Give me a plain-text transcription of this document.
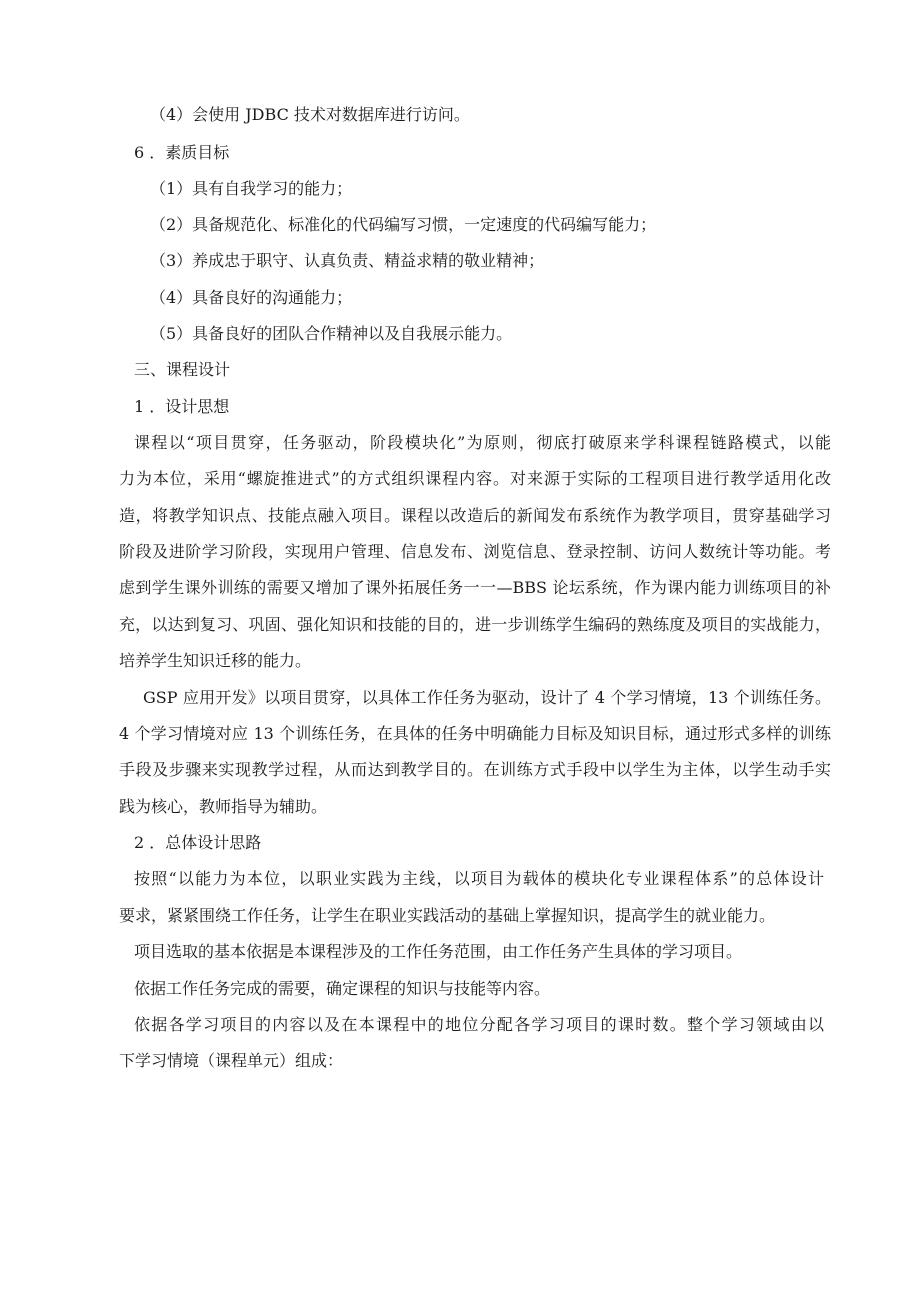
（4）会使用 JDBC 技术对数据库进行访问。
6 ．素质目标
（1）具有自我学习的能力；
（2）具备规范化、标准化的代码编写习惯，一定速度的代码编写能力；
（3）养成忠于职守、认真负责、精益求精的敬业精神；
（4）具备良好的沟通能力；
（5）具备良好的团队合作精神以及自我展示能力。
三、课程设计
1 ．设计思想
课程以“项目贯穿，任务驱动，阶段模块化”为原则，彻底打破原来学科课程链路模式，以能
力为本位，采用“螺旋推进式”的方式组织课程内容。对来源于实际的工程项目进行教学适用化改
造，将教学知识点、技能点融入项目。课程以改造后的新闻发布系统作为教学项目，贯穿基础学习
阶段及进阶学习阶段，实现用户管理、信息发布、浏览信息、登录控制、访问人数统计等功能。考
虑到学生课外训练的需要又增加了课外拓展任务一一—BBS 论坛系统，作为课内能力训练项目的补
充，以达到复习、巩固、强化知识和技能的目的，进一步训练学生编码的熟练度及项目的实战能力，
培养学生知识迁移的能力。
GSP 应用开发》以项目贯穿，以具体工作任务为驱动，设计了 4 个学习情境，13 个训练任务。
4 个学习情境对应 13 个训练任务，在具体的任务中明确能力目标及知识目标，通过形式多样的训练
手段及步骤来实现教学过程，从而达到教学目的。在训练方式手段中以学生为主体，以学生动手实
践为核心，教师指导为辅助。
2 ．总体设计思路
按照“以能力为本位，以职业实践为主线，以项目为载体的模块化专业课程体系”的总体设计
要求，紧紧围绕工作任务，让学生在职业实践活动的基础上掌握知识，提高学生的就业能力。
项目选取的基本依据是本课程涉及的工作任务范围，由工作任务产生具体的学习项目。
依据工作任务完成的需要，确定课程的知识与技能等内容。
依据各学习项目的内容以及在本课程中的地位分配各学习项目的课时数。整个学习领域由以
下学习情境（课程单元）组成：
